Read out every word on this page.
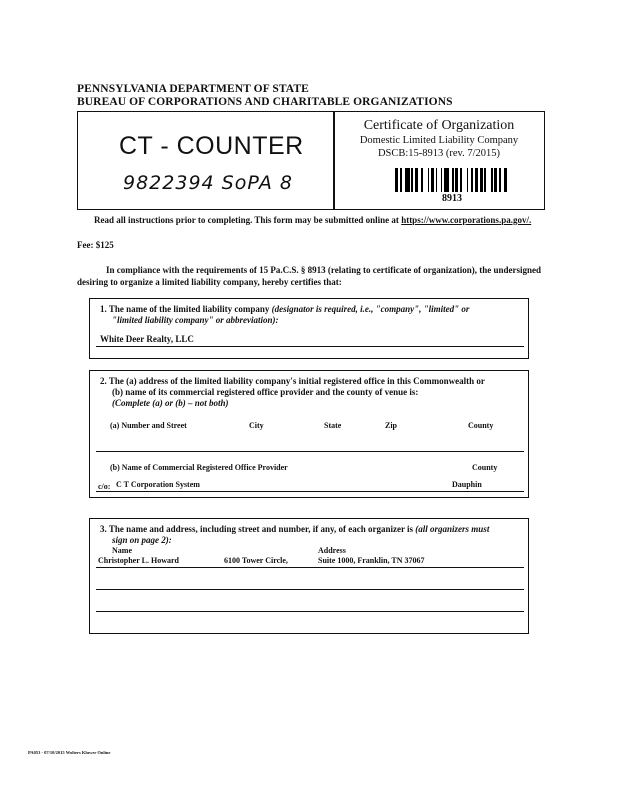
PENNSYLVANIA DEPARTMENT OF STATE
BUREAU OF CORPORATIONS AND CHARITABLE ORGANIZATIONS
CT - COUNTER
9822394 SoPA 8
Certificate of Organization
Domestic Limited Liability Company
DSCB:15-8913 (rev. 7/2015)
8913
Read all instructions prior to completing. This form may be submitted online at https://www.corporations.pa.gov/.
Fee: $125
In compliance with the requirements of 15 Pa.C.S. § 8913 (relating to certificate of organization), the undersigned
desiring to organize a limited liability company, hereby certifies that:
1. The name of the limited liability company (designator is required, i.e., "company", "limited" or
"limited liability company" or abbreviation):
White Deer Realty, LLC
2. The (a) address of the limited liability company's initial registered office in this Commonwealth or
(b) name of its commercial registered office provider and the county of venue is:
(Complete (a) or (b) – not both)
(a) Number and Street	City	State	Zip	County
(b) Name of Commercial Registered Office Provider	County
c/o: C T Corporation System	Dauphin
3. The name and address, including street and number, if any, of each organizer is (all organizers must
sign on page 2):
Name	Address
Christopher L. Howard	6100 Tower Circle,	Suite 1000, Franklin, TN 37067
PA053 - 07/10/2015 Wolters Kluwer Online
